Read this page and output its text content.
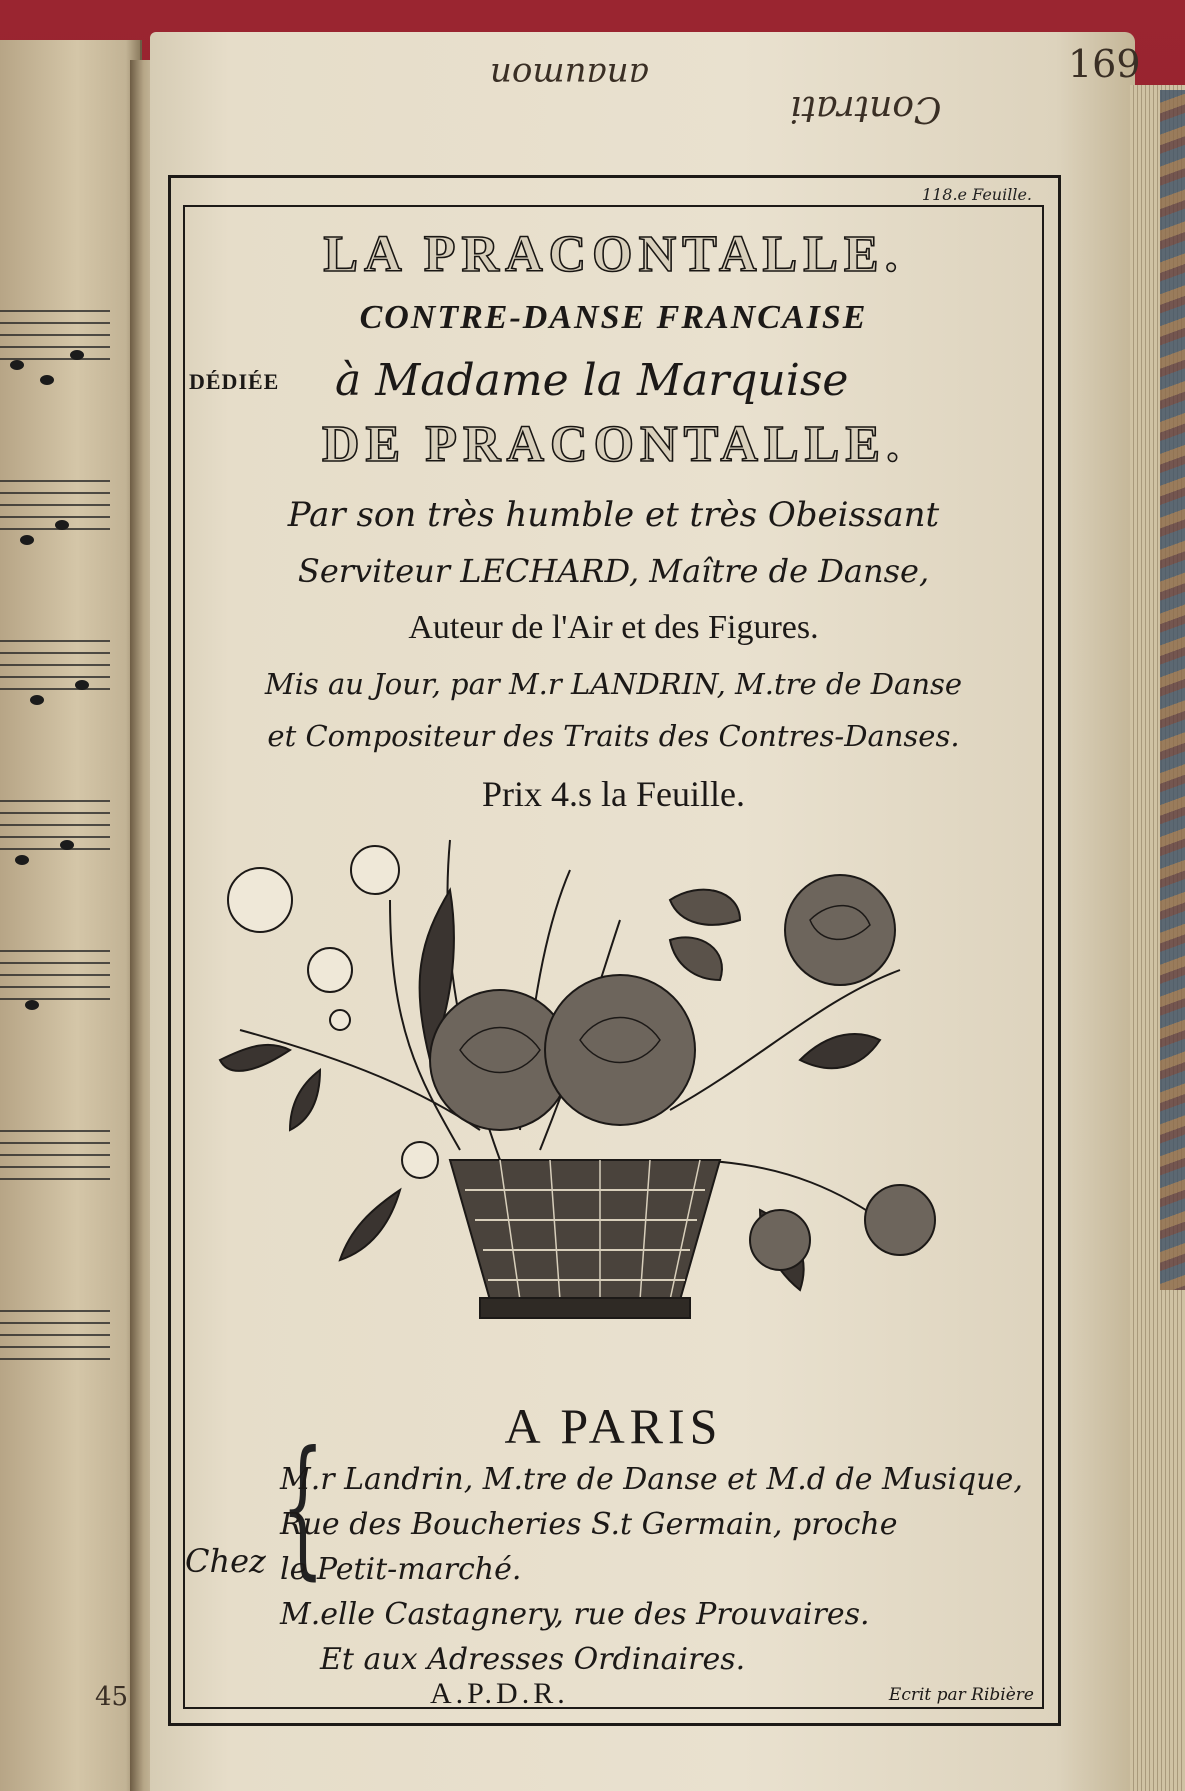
169
45
Contrati
anaumon
118.e Feuille.
LA PRACONTALLE.
CONTRE-DANSE FRANCAISE
DÉDIÉE à Madame la Marquise
DE PRACONTALLE.
Par son très humble et très Obeissant
Serviteur LECHARD, Maître de Danse,
Auteur de l'Air et des Figures.
Mis au Jour, par M.r LANDRIN, M.tre de Danse
et Compositeur des Traits des Contres-Danses.
Prix 4.s la Feuille.
A PARIS
Chez {
M.r Landrin, M.tre de Danse et M.d de Musique,
Rue des Boucheries S.t Germain, proche
le Petit-marché.
M.elle Castagnery, rue des Prouvaires.
Et aux Adresses Ordinaires.
A.P.D.R.	Ecrit par Ribière
